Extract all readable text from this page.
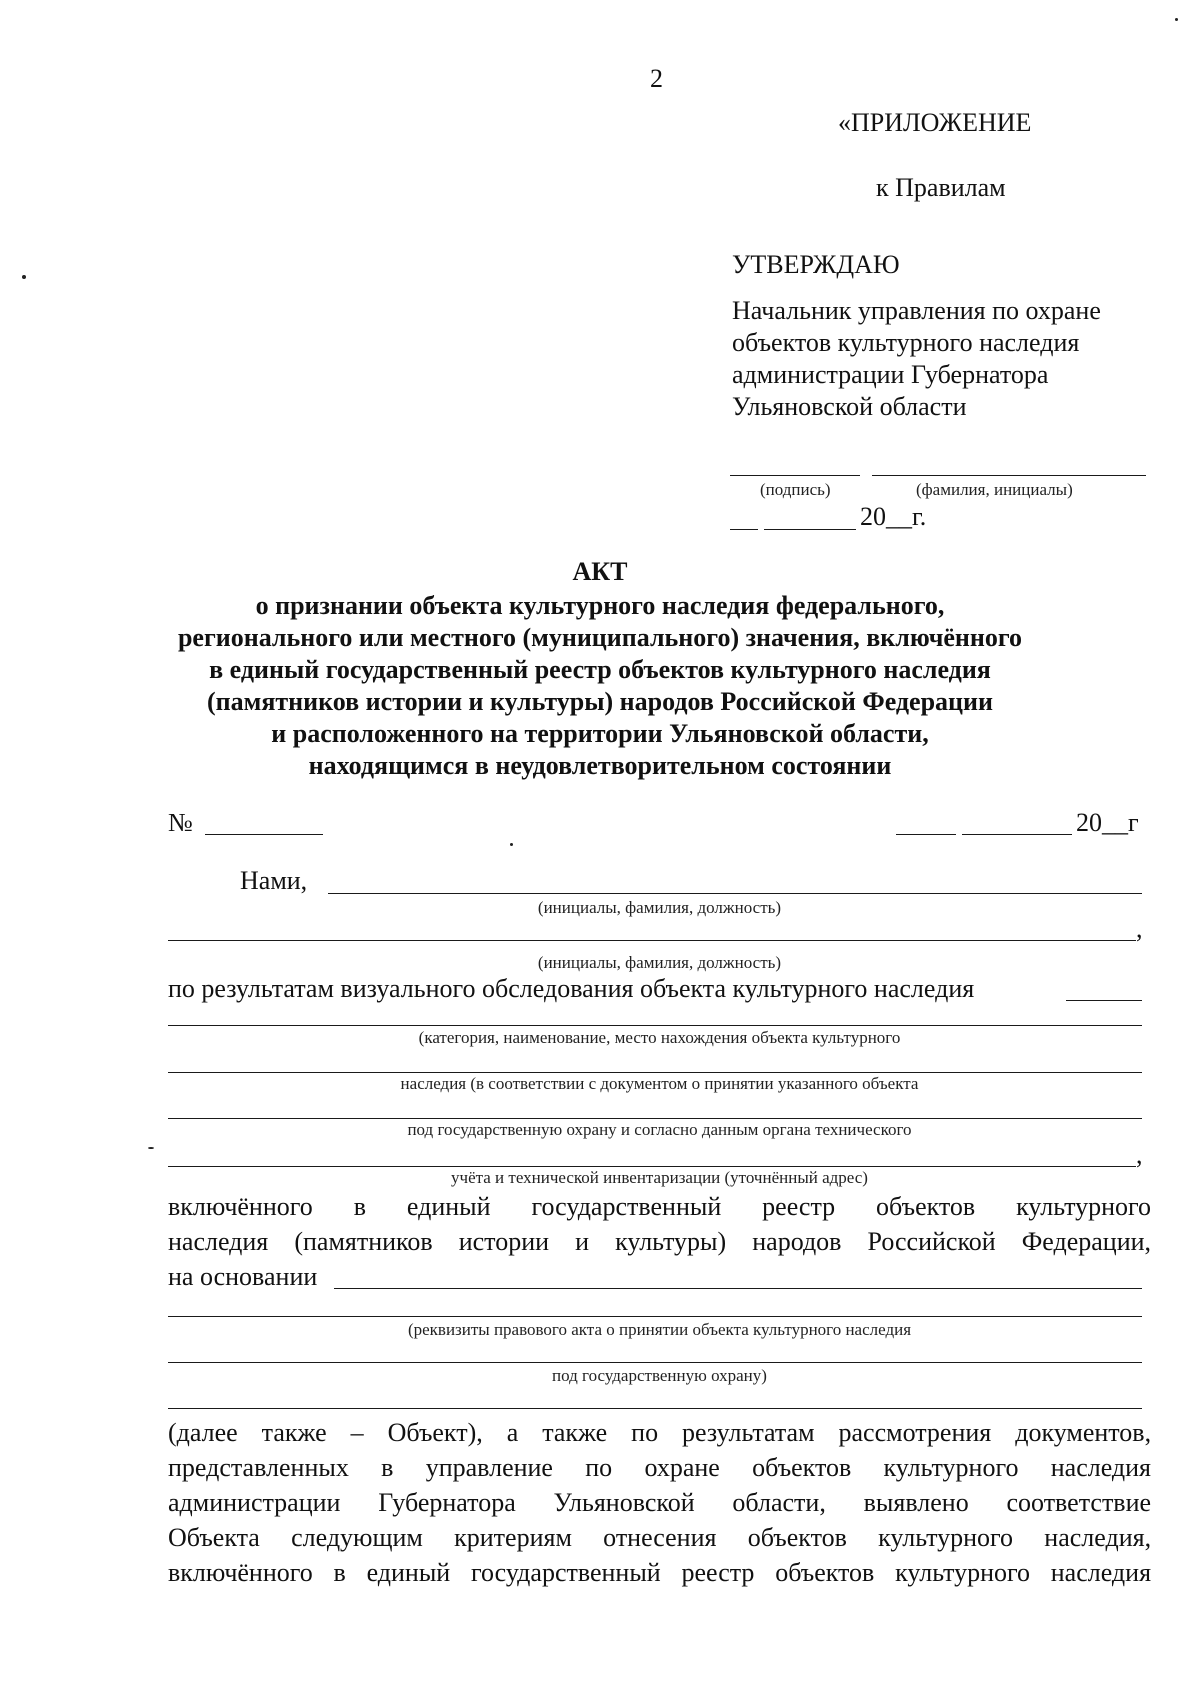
2
«ПРИЛОЖЕНИЕ
к Правилам
УТВЕРЖДАЮ
Начальник управления по охране
объектов культурного наследия
администрации Губернатора
Ульяновской области
(подпись)	(фамилия, инициалы)
20__г.
АКТ
о признании объекта культурного наследия федерального,
регионального или местного (муниципального) значения, включённого
в единый государственный реестр объектов культурного наследия
(памятников истории и культуры) народов Российской Федерации
и расположенного на территории Ульяновской области,
находящимся в неудовлетворительном состоянии
№	20__г
Нами,
(инициалы, фамилия, должность)
,
(инициалы, фамилия, должность)
по результатам визуального обследования объекта культурного наследия
(категория, наименование, место нахождения объекта культурного
наследия (в соответствии с документом о принятии указанного объекта
под государственную охрану и согласно данным органа технического
,
учёта и технической инвентаризации (уточнённый адрес)
включённого в единый государственный реестр объектов культурного
наследия (памятников истории и культуры) народов Российской Федерации,
на основании
(реквизиты правового акта о принятии объекта культурного наследия
под государственную охрану)
(далее также – Объект), а также по результатам рассмотрения документов,
представленных в управление по охране объектов культурного наследия
администрации Губернатора Ульяновской области, выявлено соответствие
Объекта следующим критериям отнесения объектов культурного наследия,
включённого в единый государственный реестр объектов культурного наследия
